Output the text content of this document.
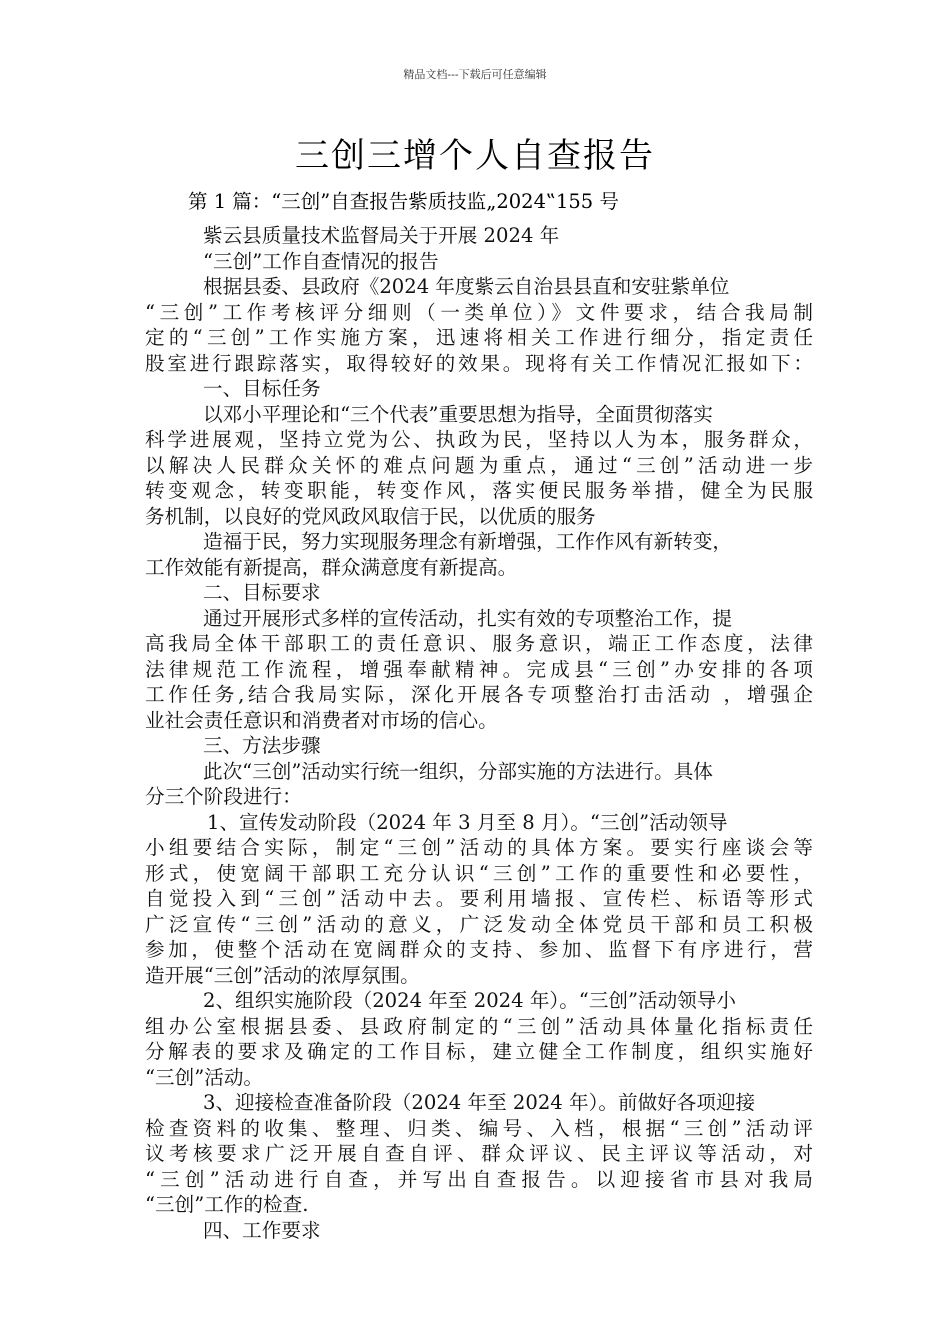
精品文档---下载后可任意编辑
三创三增个人自查报告
第 1 篇：“三创”自查报告紫质技监„2024‟155 号
紫云县质量技术监督局关于开展 2024 年
“三创”工作自查情况的报告
根据县委、县政府《2024 年度紫云自治县县直和安驻紫单位
“三创”工作考核评分细则（一类单位）》文件要求，结合我局制
定的“三创”工作实施方案，迅速将相关工作进行细分，指定责任
股室进行跟踪落实，取得较好的效果。现将有关工作情况汇报如下：
一、目标任务
以邓小平理论和“三个代表”重要思想为指导，全面贯彻落实
科学进展观，坚持立党为公、执政为民，坚持以人为本，服务群众，
以解决人民群众关怀的难点问题为重点，通过“三创”活动进一步
转变观念，转变职能，转变作风，落实便民服务举措，健全为民服
务机制，以良好的党风政风取信于民，以优质的服务
造福于民，努力实现服务理念有新增强，工作作风有新转变，
工作效能有新提高，群众满意度有新提高。
二、目标要求
通过开展形式多样的宣传活动，扎实有效的专项整治工作，提
高我局全体干部职工的责任意识、服务意识，端正工作态度，法律
法律规范工作流程，增强奉献精神。完成县“三创”办安排的各项
工作任务,结合我局实际，深化开展各专项整治打击活动 ，增强企
业社会责任意识和消费者对市场的信心。
三、方法步骤
此次“三创”活动实行统一组织，分部实施的方法进行。具体
分三个阶段进行：
1、宣传发动阶段（2024 年 3 月至 8 月）。“三创”活动领导
小组要结合实际，制定“三创”活动的具体方案。要实行座谈会等
形式，使宽阔干部职工充分认识“三创”工作的重要性和必要性，
自觉投入到“三创”活动中去。要利用墙报、宣传栏、标语等形式
广泛宣传“三创”活动的意义，广泛发动全体党员干部和员工积极
参加，使整个活动在宽阔群众的支持、参加、监督下有序进行，营
造开展“三创”活动的浓厚氛围。
2、组织实施阶段（2024 年至 2024 年）。“三创”活动领导小
组办公室根据县委、县政府制定的“三创”活动具体量化指标责任
分解表的要求及确定的工作目标，建立健全工作制度，组织实施好
“三创”活动。
3、迎接检查准备阶段（2024 年至 2024 年）。前做好各项迎接
检查资料的收集、整理、归类、编号、入档，根据“三创”活动评
议考核要求广泛开展自查自评、群众评议、民主评议等活动，对
“三创”活动进行自查，并写出自查报告。以迎接省市县对我局
“三创”工作的检查.
四、工作要求
